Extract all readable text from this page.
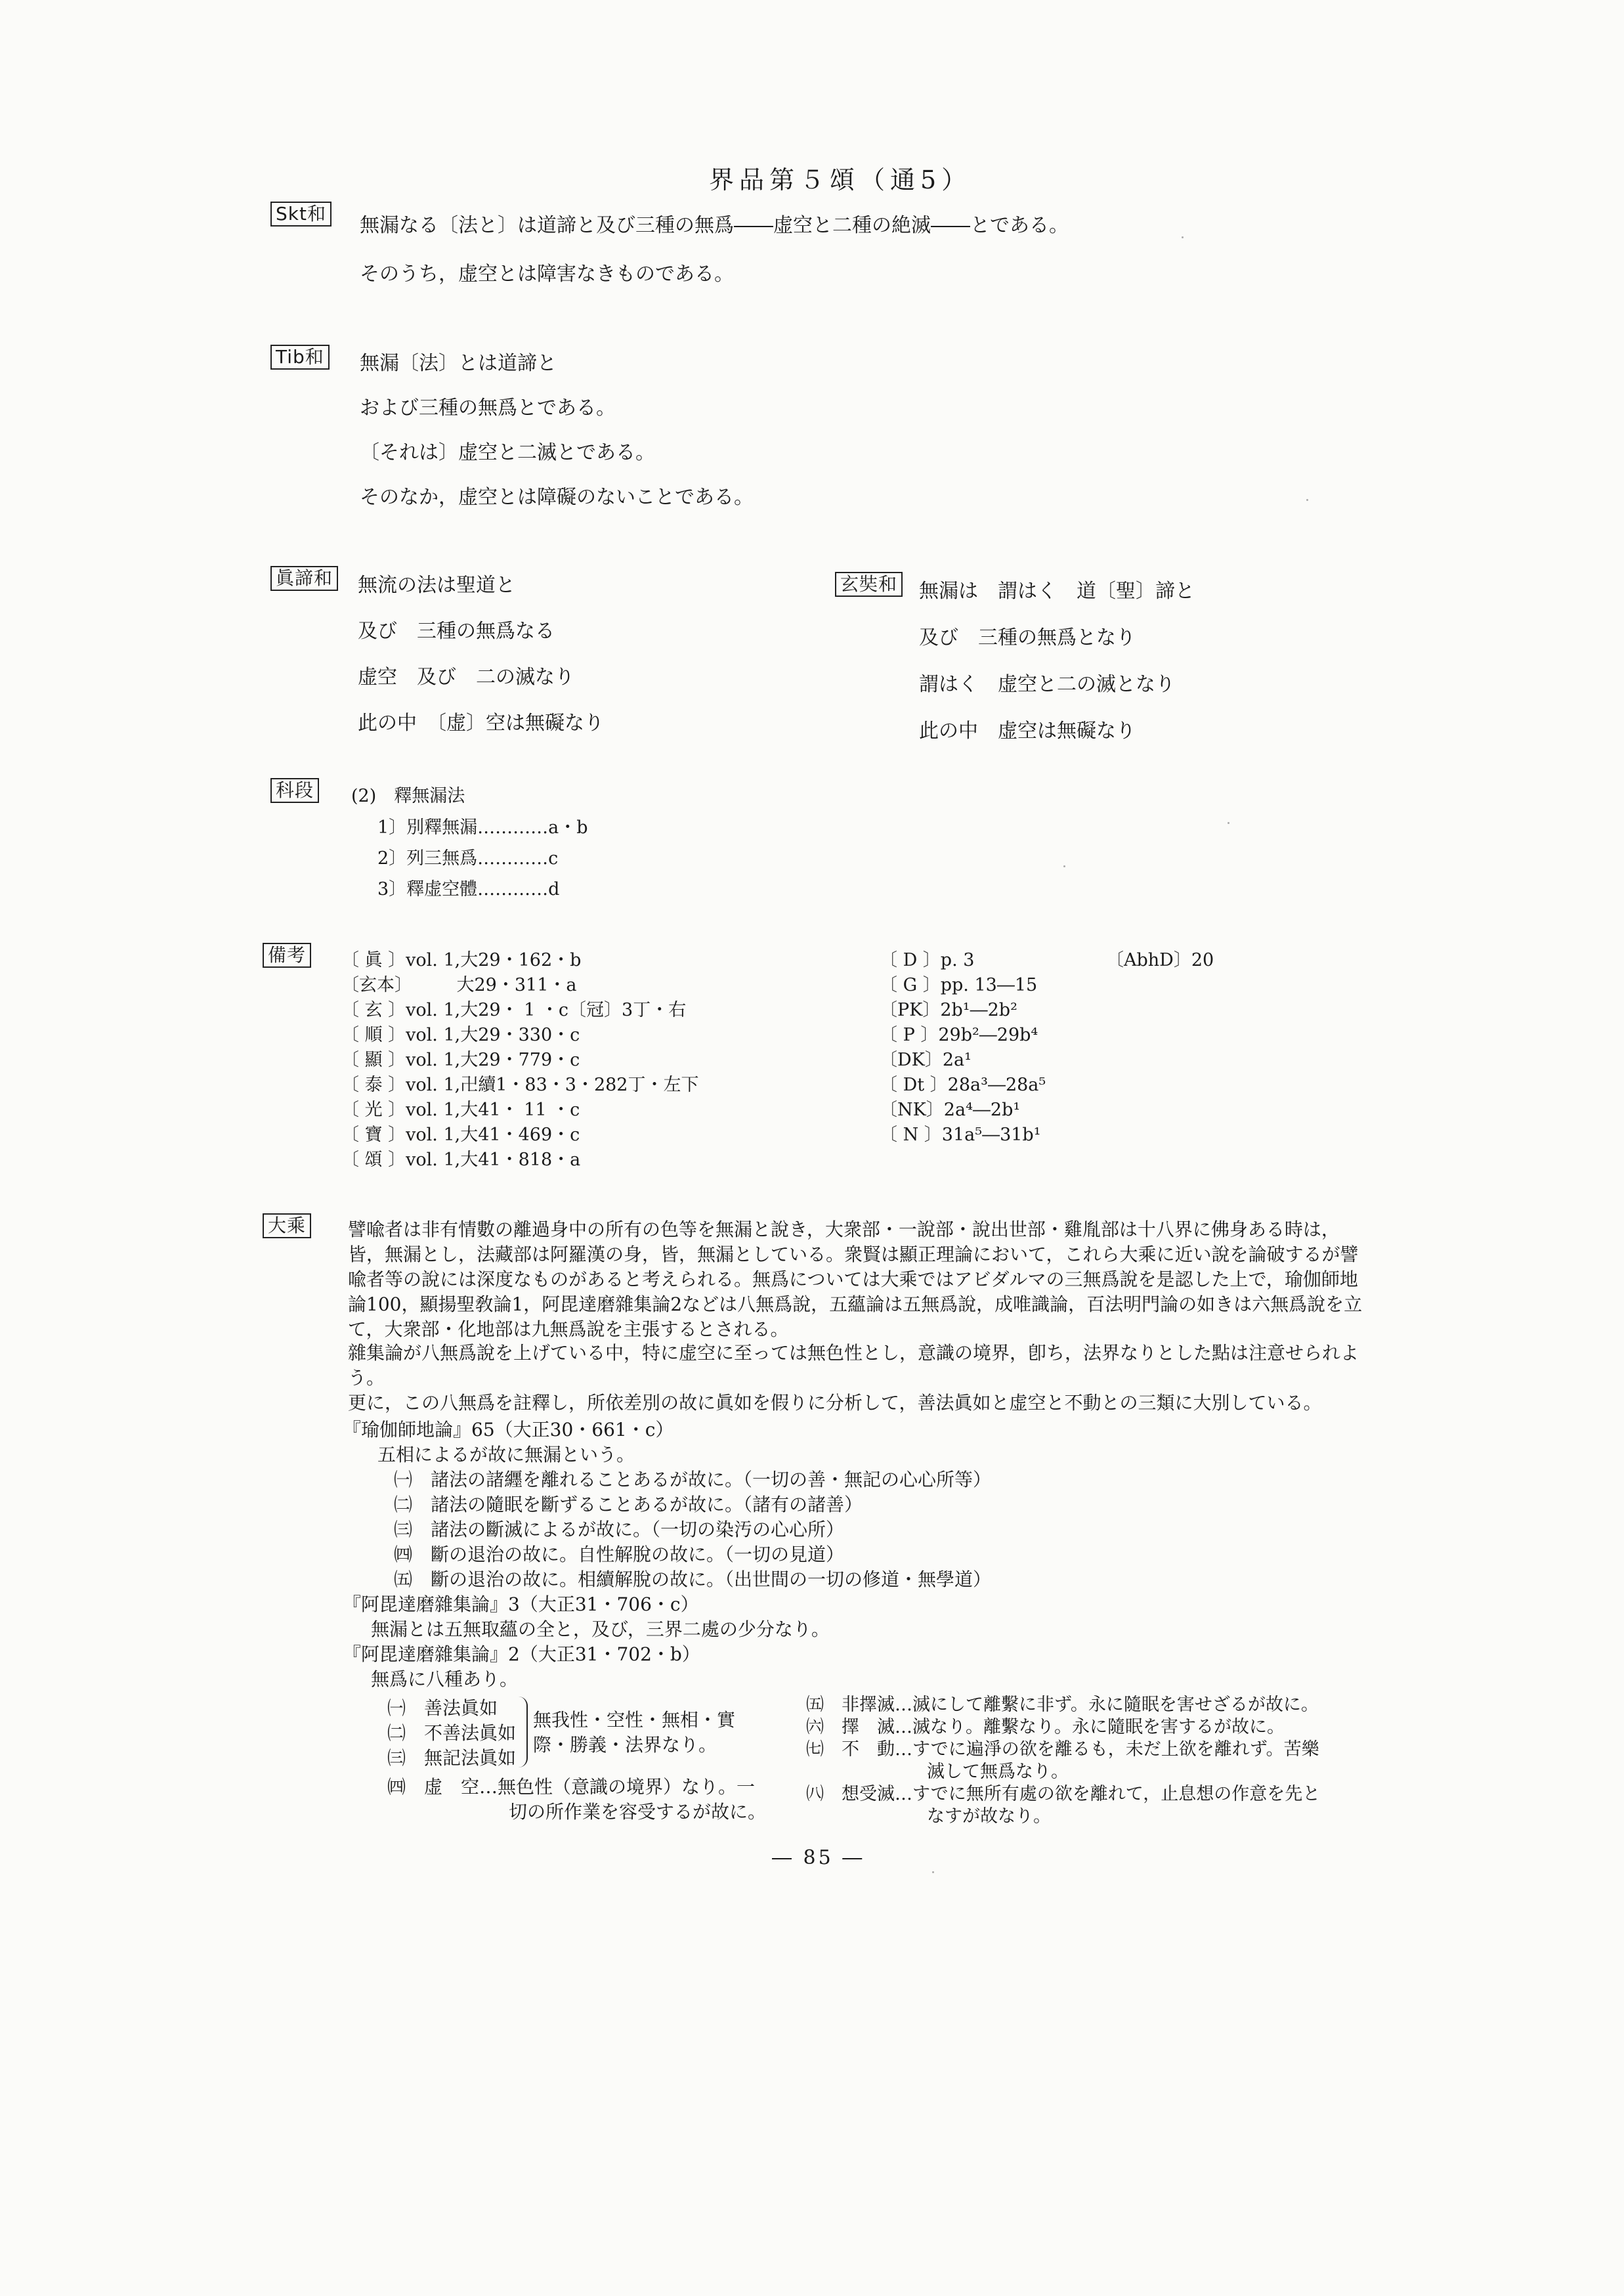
界品第５頌（通5）
Skt和
無漏なる〔法と〕は道諦と及び三種の無爲――虚空と二種の絶滅――とである。
そのうち，虚空とは障害なきものである。
Tib和 無漏〔法〕とは道諦と
および三種の無爲とである。
〔それは〕虚空と二滅とである。
そのなか，虚空とは障礙のないことである。
眞諦和 無流の法は聖道と
及び　三種の無爲なる
虚空　及び　二の滅なり
此の中　〔虚〕空は無礙なり
玄奘和 無漏は　謂はく　道〔聖〕諦と
及び　三種の無爲となり
謂はく　虚空と二の滅となり
此の中　虚空は無礙なり
科段 (2)　釋無漏法
1〕別釋無漏…………a・b
2〕列三無爲…………c
3〕釋虚空體…………d
備考 〔 眞 〕vol. 1,大29・162・b
〔玄本〕　　　大29・311・a
〔 玄 〕vol. 1,大29・ 1 ・c〔冠〕3丁・右
〔 順 〕vol. 1,大29・330・c
〔 顯 〕vol. 1,大29・779・c
〔 泰 〕vol. 1,卍續1・83・3・282丁・左下
〔 光 〕vol. 1,大41・ 11 ・c
〔 寶 〕vol. 1,大41・469・c
〔 頌 〕vol. 1,大41・818・a
〔 D 〕p. 3	〔AbhD〕20
〔 G 〕pp. 13―15
〔PK〕2b¹―2b²
〔 P 〕29b²―29b⁴
〔DK〕2a¹
〔 Dt 〕28a³―28a⁵
〔NK〕2a⁴―2b¹
〔 N 〕31a⁵―31b¹
大乘 譬喩者は非有情數の離過身中の所有の色等を無漏と說き，大衆部・一說部・說出世部・雞胤部は十八界に佛身ある時は，皆，無漏とし，法藏部は阿羅漢の身，皆，無漏としている。衆賢は顯正理論において，これら大乘に近い說を論破するが譬喩者等の說には深度なものがあると考えられる。無爲については大乘ではアビダルマの三無爲說を是認した上で，瑜伽師地論100，顯揚聖敎論1，阿毘達磨雜集論2などは八無爲說，五蘊論は五無爲說，成唯識論，百法明門論の如きは六無爲說を立て，大衆部・化地部は九無爲說を主張するとされる。
雜集論が八無爲說を上げている中，特に虚空に至っては無色性とし，意識の境界，卽ち，法界なりとした點は注意せられよう。
更に，この八無爲を註釋し，所依差別の故に眞如を假りに分析して，善法眞如と虚空と不動との三類に大別している。
『瑜伽師地論』65（大正30・661・c）
五相によるが故に無漏という。
㈠　諸法の諸纒を離れることあるが故に。（一切の善・無記の心心所等）
㈡　諸法の隨眠を斷ずることあるが故に。（諸有の諸善）
㈢　諸法の斷滅によるが故に。（一切の染汚の心心所）
㈣　斷の退治の故に。自性解脫の故に。（一切の見道）
㈤　斷の退治の故に。相續解脫の故に。（出世間の一切の修道・無學道）
『阿毘達磨雜集論』3（大正31・706・c）
無漏とは五無取蘊の全と，及び，三界二處の少分なり。
『阿毘達磨雜集論』2（大正31・702・b）
無爲に八種あり。
㈠　善法眞如
㈡　不善法眞如
㈢　無記法眞如
無我性・空性・無相・實
際・勝義・法界なり。
㈣　虚　空…無色性（意識の境界）なり。一
切の所作業を容受するが故に。
㈤　非擇滅…滅にして離繫に非ず。永に隨眠を害せざるが故に。
㈥　擇　滅…滅なり。離繫なり。永に隨眠を害するが故に。
㈦　不　動…すでに遍淨の欲を離るも，未だ上欲を離れず。苦樂
滅して無爲なり。
㈧　想受滅…すでに無所有處の欲を離れて，止息想の作意を先と
なすが故なり。
― 85 ―
